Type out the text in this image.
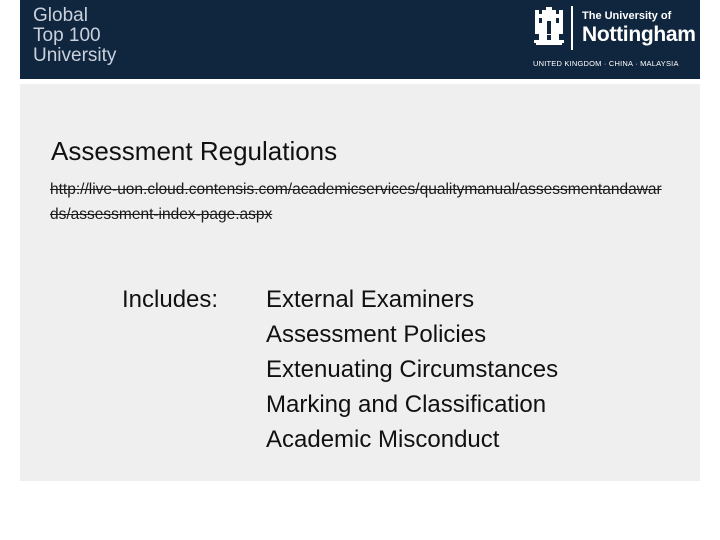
Global
Top 100
University
The University of
Nottingham
UNITED KINGDOM · CHINA · MALAYSIA
Assessment Regulations
http://live-uon.cloud.contensis.com/academicservices/qualitymanual/assessmentandawards/assessment-index-page.aspx
Includes: External Examiners
Assessment Policies
Extenuating Circumstances
Marking and Classification
Academic Misconduct
